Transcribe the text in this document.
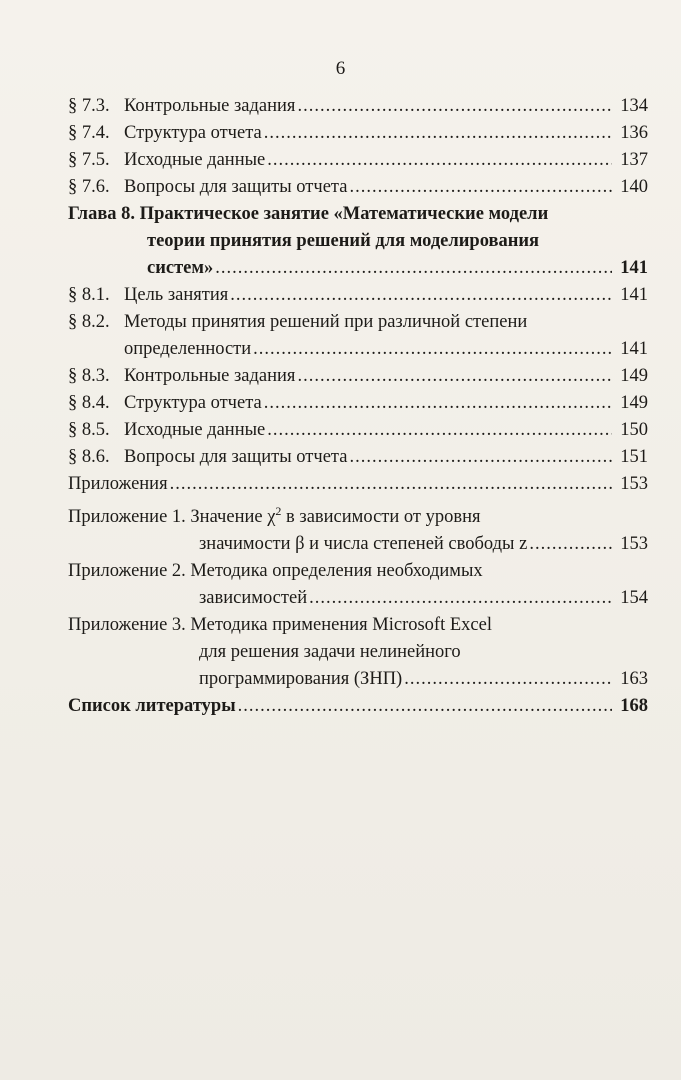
6
§ 7.3. Контрольные задания .....	134
§ 7.4. Структура отчета .....	136
§ 7.5. Исходные данные .....	137
§ 7.6. Вопросы для защиты отчета .....	140
Глава 8. Практическое занятие «Математические модели
теории принятия решений для моделирования
систем» .....	141
§ 8.1. Цель занятия .....	141
§ 8.2. Методы принятия решений при различной степени
определенности .....	141
§ 8.3. Контрольные задания .....	149
§ 8.4. Структура отчета .....	149
§ 8.5. Исходные данные .....	150
§ 8.6. Вопросы для защиты отчета .....	151
Приложения .....	153
Приложение 1. Значение $\chi^2$ в зависимости от уровня
значимости β и числа степеней свободы z .....	153
Приложение 2. Методика определения необходимых
зависимостей .....	154
Приложение 3. Методика применения Microsoft Excel
для решения задачи нелинейного
программирования (ЗНП) .....	163
Список литературы .....	168
